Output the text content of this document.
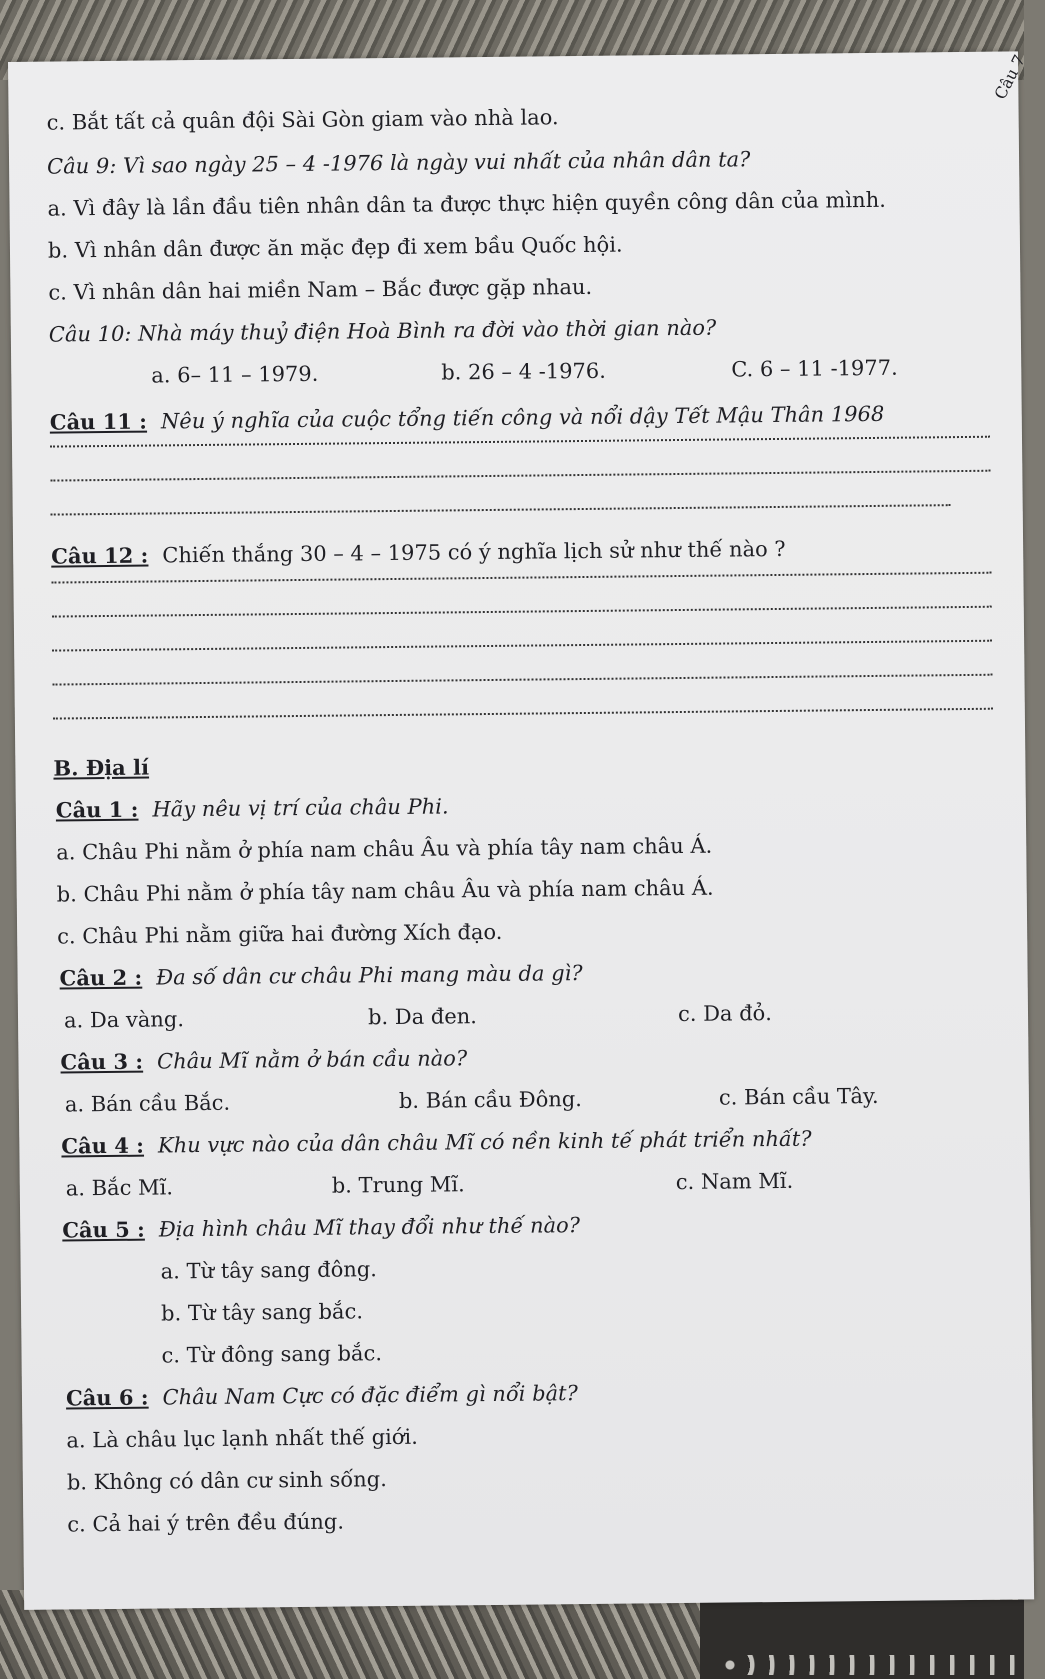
Câu 7
c. Bắt tất cả quân đội Sài Gòn giam vào nhà lao.
Câu 9: Vì sao ngày 25 – 4 -1976 là ngày vui nhất của nhân dân ta?
a. Vì đây là lần đầu tiên nhân dân ta được thực hiện quyền công dân của mình.
b. Vì nhân dân được ăn mặc đẹp đi xem bầu Quốc hội.
c. Vì nhân dân hai miền Nam – Bắc được gặp nhau.
Câu 10: Nhà máy thuỷ điện Hoà Bình ra đời vào thời gian nào?
a. 6– 11 – 1979.	b. 26 – 4 -1976.	C. 6 – 11 -1977.
Câu 11 : Nêu ý nghĩa của cuộc tổng tiến công và nổi dậy Tết Mậu Thân 1968
Câu 12 : Chiến thắng 30 – 4 – 1975 có ý nghĩa lịch sử như thế nào ?
B. Địa lí
Câu 1 : Hãy nêu vị trí của châu Phi.
a. Châu Phi nằm ở phía nam châu Âu và phía tây nam châu Á.
b. Châu Phi nằm ở phía tây nam châu Âu và phía nam châu Á.
c. Châu Phi nằm giữa hai đường Xích đạo.
Câu 2 : Đa số dân cư châu Phi mang màu da gì?
a. Da vàng.	b. Da đen.	c. Da đỏ.
Câu 3 : Châu Mĩ nằm ở bán cầu nào?
a. Bán cầu Bắc.	b. Bán cầu Đông.	c. Bán cầu Tây.
Câu 4 : Khu vực nào của dân châu Mĩ có nền kinh tế phát triển nhất?
a. Bắc Mĩ.	b. Trung Mĩ.	c. Nam Mĩ.
Câu 5 : Địa hình châu Mĩ thay đổi như thế nào?
a. Từ tây sang đông.
b. Từ tây sang bắc.
c. Từ đông sang bắc.
Câu 6 : Châu Nam Cực có đặc điểm gì nổi bật?
a. Là châu lục lạnh nhất thế giới.
b. Không có dân cư sinh sống.
c. Cả hai ý trên đều đúng.
